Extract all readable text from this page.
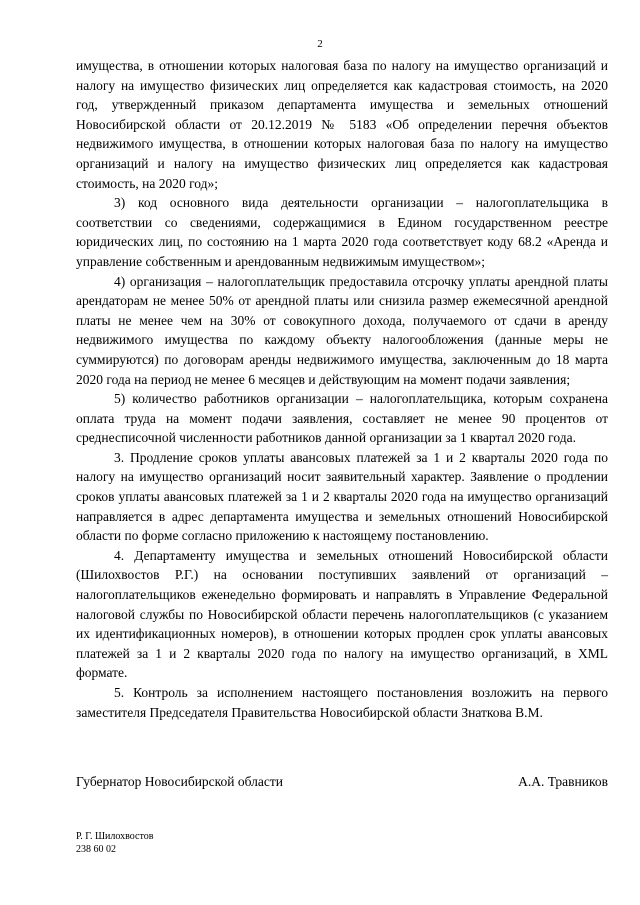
2

имущества, в отношении которых налоговая база по налогу на имущество организаций и налогу на имущество физических лиц определяется как кадастровая стоимость, на 2020 год, утвержденный приказом департамента имущества и земельных отношений Новосибирской области от 20.12.2019 № 5183 «Об определении перечня объектов недвижимого имущества, в отношении которых налоговая база по налогу на имущество организаций и налогу на имущество физических лиц определяется как кадастровая стоимость, на 2020 год»;

3) код основного вида деятельности организации – налогоплательщика в соответствии со сведениями, содержащимися в Едином государственном реестре юридических лиц, по состоянию на 1 марта 2020 года соответствует коду 68.2 «Аренда и управление собственным и арендованным недвижимым имуществом»;

4) организация – налогоплательщик предоставила отсрочку уплаты арендной платы арендаторам не менее 50% от арендной платы или снизила размер ежемесячной арендной платы не менее чем на 30% от совокупного дохода, получаемого от сдачи в аренду недвижимого имущества по каждому объекту налогообложения (данные меры не суммируются) по договорам аренды недвижимого имущества, заключенным до 18 марта 2020 года на период не менее 6 месяцев и действующим на момент подачи заявления;

5) количество работников организации – налогоплательщика, которым сохранена оплата труда на момент подачи заявления, составляет не менее 90 процентов от среднесписочной численности работников данной организации за 1 квартал 2020 года.

3. Продление сроков уплаты авансовых платежей за 1 и 2 кварталы 2020 года по налогу на имущество организаций носит заявительный характер. Заявление о продлении сроков уплаты авансовых платежей за 1 и 2 кварталы 2020 года на имущество организаций направляется в адрес департамента имущества и земельных отношений Новосибирской области по форме согласно приложению к настоящему постановлению.

4. Департаменту имущества и земельных отношений Новосибирской области (Шилохвостов Р.Г.) на основании поступивших заявлений от организаций – налогоплательщиков еженедельно формировать и направлять в Управление Федеральной налоговой службы по Новосибирской области перечень налогоплательщиков (с указанием их идентификационных номеров), в отношении которых продлен срок уплаты авансовых платежей за 1 и 2 кварталы 2020 года по налогу на имущество организаций, в XML формате.

5. Контроль за исполнением настоящего постановления возложить на первого заместителя Председателя Правительства Новосибирской области Знаткова В.М.

Губернатор Новосибирской области	А.А. Травников
Р. Г. Шилохвостов
238 60 02
